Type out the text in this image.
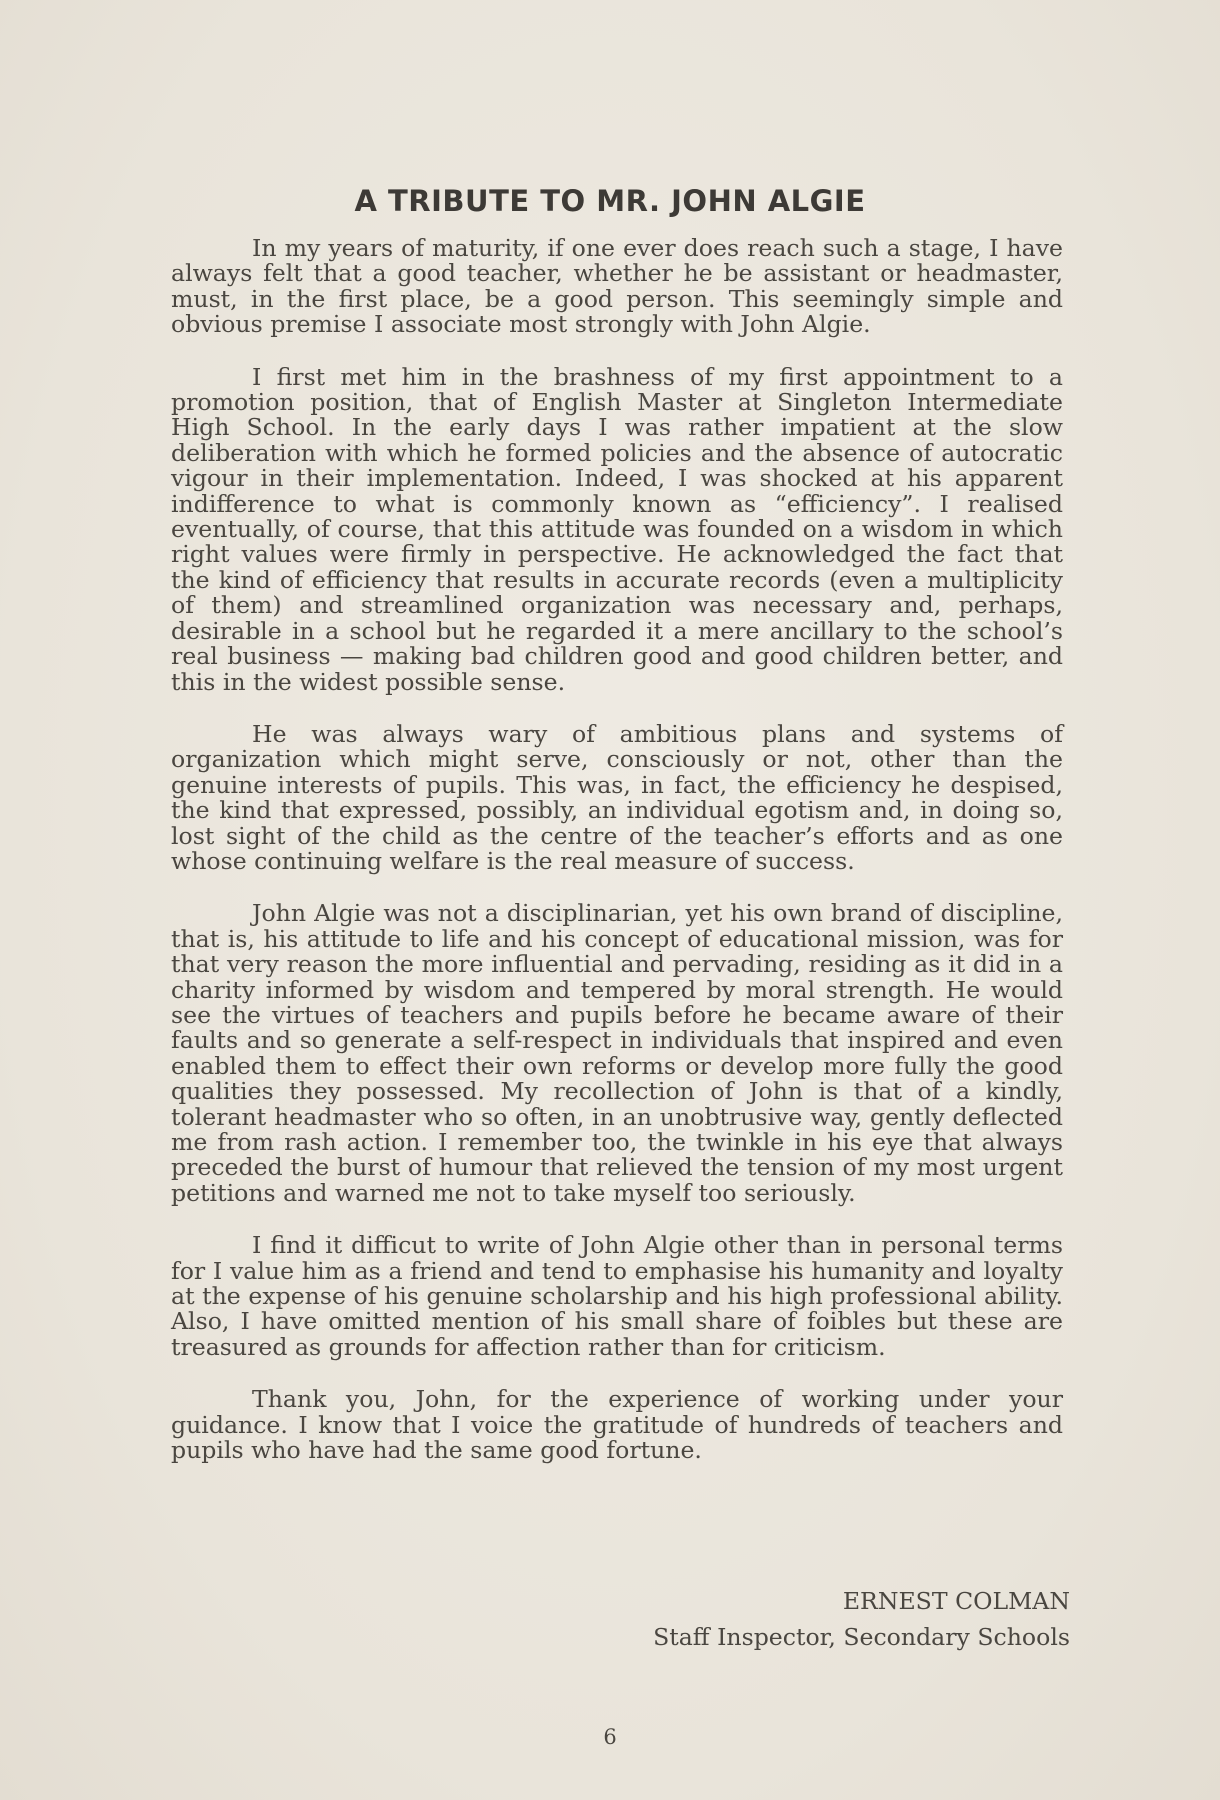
A TRIBUTE TO MR. JOHN ALGIE

In my years of maturity, if one ever does reach such a stage, I have always felt that a good teacher, whether he be assistant or headmaster, must, in the first place, be a good person. This seemingly simple and obvious premise I associate most strongly with John Algie.

I first met him in the brashness of my first appointment to a promotion position, that of English Master at Singleton Intermediate High School. In the early days I was rather impatient at the slow deliberation with which he formed policies and the absence of autocratic vigour in their implementation. Indeed, I was shocked at his apparent indifference to what is commonly known as “efficiency”. I realised eventually, of course, that this attitude was founded on a wisdom in which right values were firmly in perspective. He acknowledged the fact that the kind of efficiency that results in accurate records (even a multiplicity of them) and streamlined organization was necessary and, perhaps, desirable in a school but he regarded it a mere ancillary to the school’s real business — making bad children good and good children better, and this in the widest possible sense.

He was always wary of ambitious plans and systems of organization which might serve, consciously or not, other than the genuine interests of pupils. This was, in fact, the efficiency he despised, the kind that expressed, possibly, an individual egotism and, in doing so, lost sight of the child as the centre of the teacher’s efforts and as one whose continuing welfare is the real measure of success.

John Algie was not a disciplinarian, yet his own brand of discipline, that is, his attitude to life and his concept of educational mission, was for that very reason the more influential and pervading, residing as it did in a charity informed by wisdom and tempered by moral strength. He would see the virtues of teachers and pupils before he became aware of their faults and so generate a self-respect in individuals that inspired and even enabled them to effect their own reforms or develop more fully the good qualities they possessed. My recollection of John is that of a kindly, tolerant headmaster who so often, in an unobtrusive way, gently deflected me from rash action. I remember too, the twinkle in his eye that always preceded the burst of humour that relieved the tension of my most urgent petitions and warned me not to take myself too seriously.

I find it difficut to write of John Algie other than in personal terms for I value him as a friend and tend to emphasise his humanity and loyalty at the expense of his genuine scholarship and his high professional ability. Also, I have omitted mention of his small share of foibles but these are treasured as grounds for affection rather than for criticism.

Thank you, John, for the experience of working under your guidance. I know that I voice the gratitude of hundreds of teachers and pupils who have had the same good fortune.

ERNEST COLMAN
Staff Inspector, Secondary Schools
6
